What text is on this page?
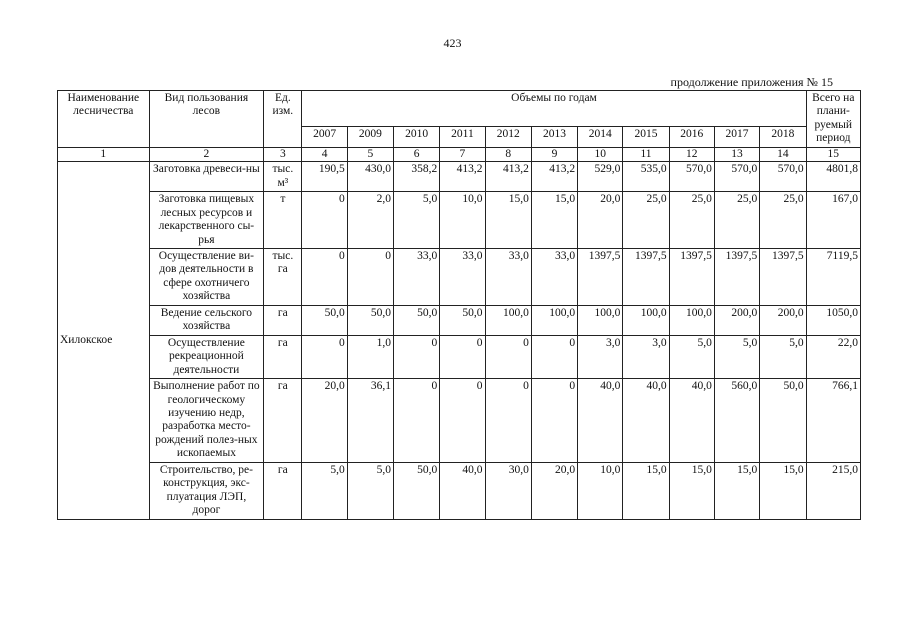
423
продолжение приложения № 15
Наименование лесничества	Вид пользования лесов	Ед. изм.	Объемы по годам											Всего на плани-руемый период
			2007	2009	2010	2011	2012	2013	2014	2015	2016	2017	2018	
1	2	3	4	5	6	7	8	9	10	11	12	13	14	15
Хилокское	Заготовка древеси-ны	тыс. м³	190,5	430,0	358,2	413,2	413,2	413,2	529,0	535,0	570,0	570,0	570,0	4801,8
	Заготовка пищевых лесных ресурсов и лекарственного сы-рья	т	0	2,0	5,0	10,0	15,0	15,0	20,0	25,0	25,0	25,0	25,0	167,0
	Осуществление ви-дов деятельности в сфере охотничего хозяйства	тыс. га	0	0	33,0	33,0	33,0	33,0	1397,5	1397,5	1397,5	1397,5	1397,5	7119,5
	Ведение сельского хозяйства	га	50,0	50,0	50,0	50,0	100,0	100,0	100,0	100,0	100,0	200,0	200,0	1050,0
	Осуществление рекреационной деятельности	га	0	1,0	0	0	0	0	3,0	3,0	5,0	5,0	5,0	22,0
	Выполнение работ по геологическому изучению недр, разработка место-рождений полез-ных ископаемых	га	20,0	36,1	0	0	0	0	40,0	40,0	40,0	560,0	50,0	766,1
	Строительство, ре-конструкция, экс-плуатация ЛЭП, дорог	га	5,0	5,0	50,0	40,0	30,0	20,0	10,0	15,0	15,0	15,0	15,0	215,0
